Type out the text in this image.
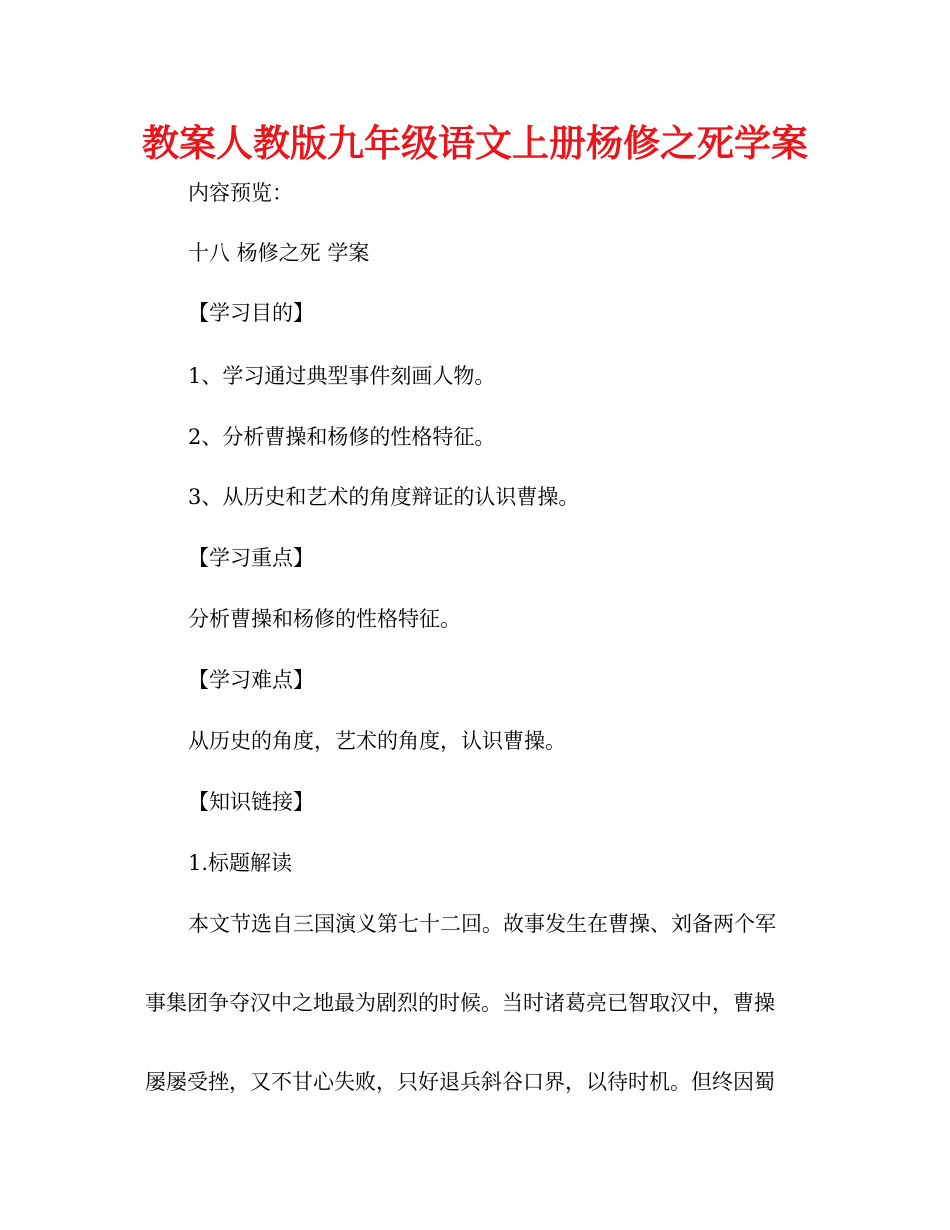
教案人教版九年级语文上册杨修之死学案

内容预览：

十八 杨修之死 学案

【学习目的】

1、学习通过典型事件刻画人物。

2、分析曹操和杨修的性格特征。

3、从历史和艺术的角度辩证的认识曹操。

【学习重点】

分析曹操和杨修的性格特征。

【学习难点】

从历史的角度，艺术的角度，认识曹操。

【知识链接】

1.标题解读

本文节选自三国演义第七十二回。故事发生在曹操、刘备两个军
事集团争夺汉中之地最为剧烈的时候。当时诸葛亮已智取汉中，曹操
屡屡受挫，又不甘心失败，只好退兵斜谷口界，以待时机。但终因蜀
